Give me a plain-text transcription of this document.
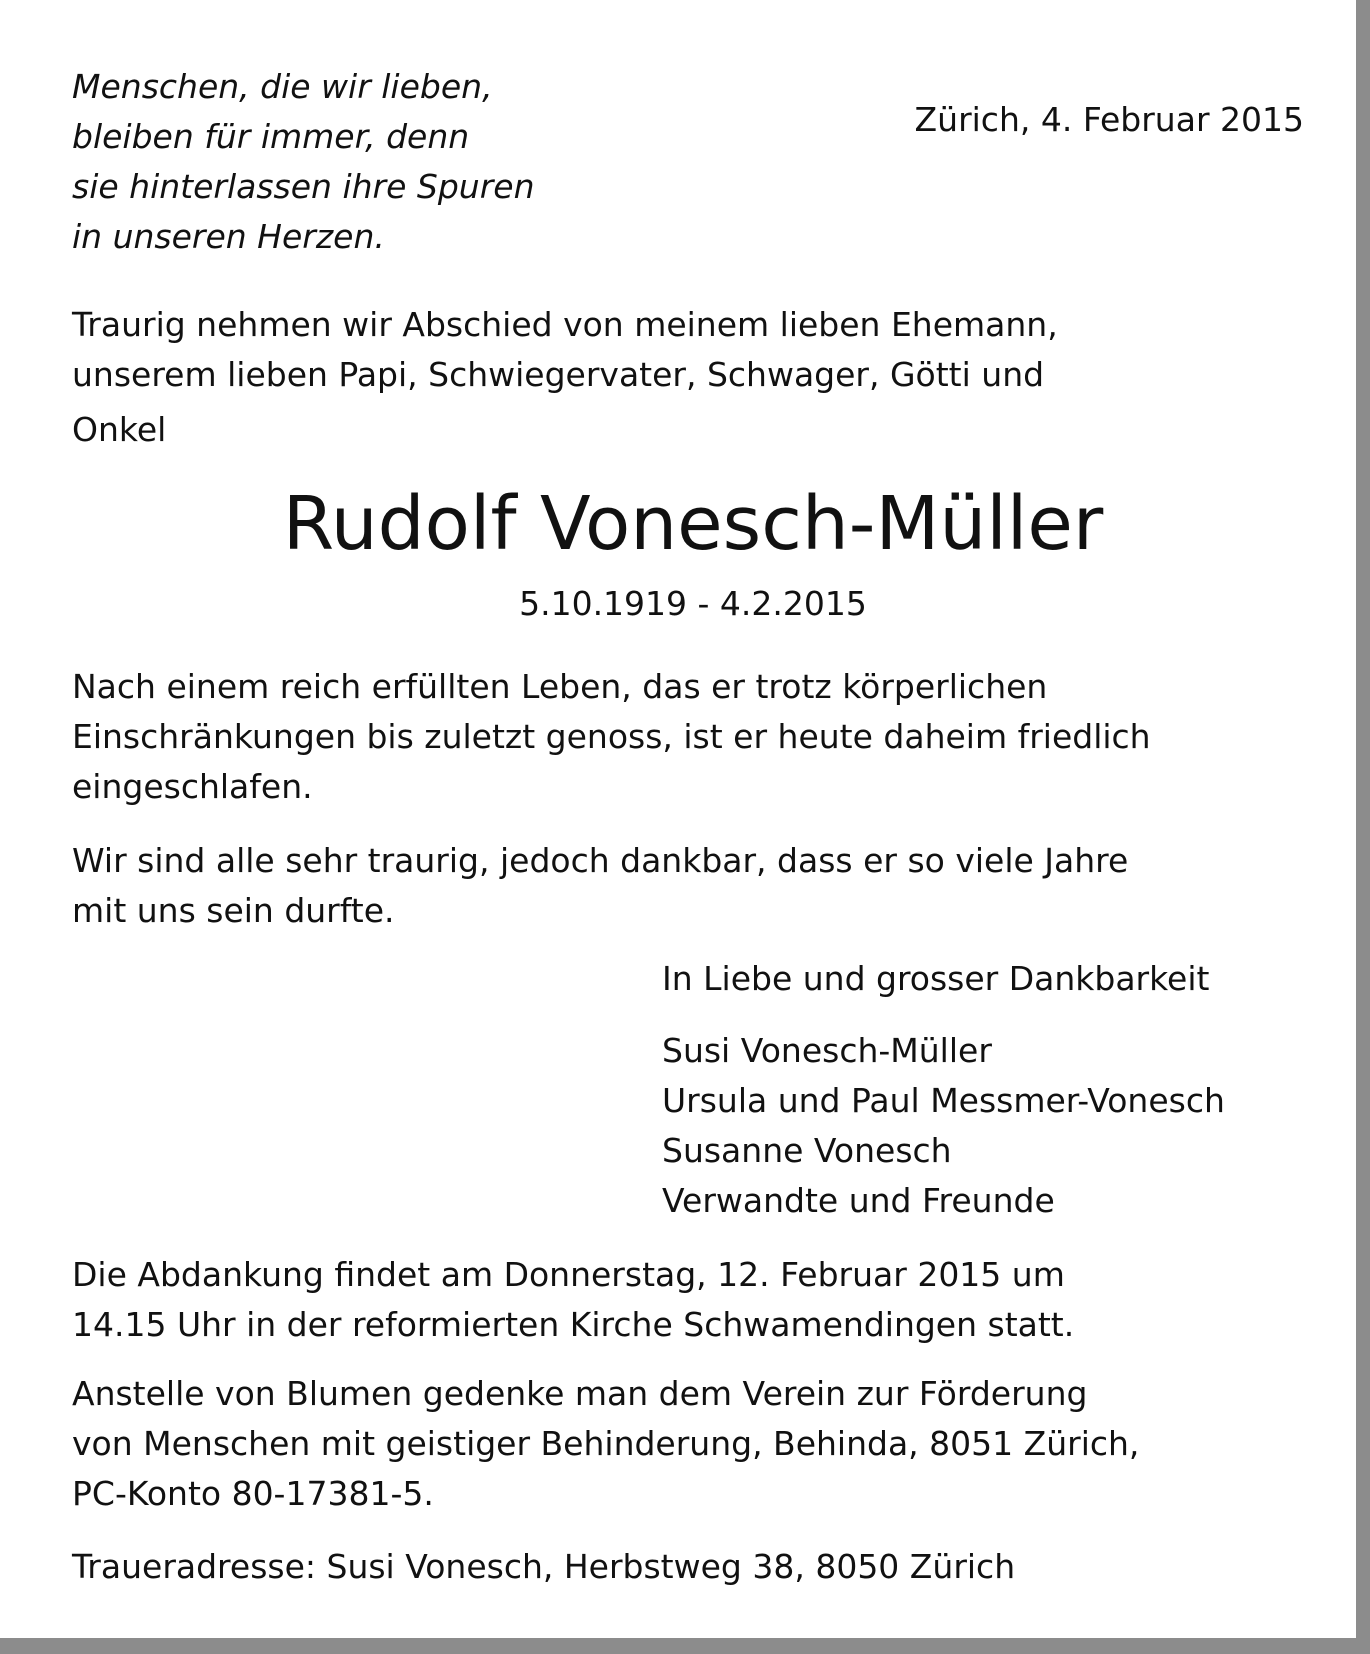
Menschen, die wir lieben,

bleiben für immer, denn

sie hinterlassen ihre Spuren

in unseren Herzen.

Zürich, 4. Februar 2015

Traurig nehmen wir Abschied von meinem lieben Ehemann,

unserem lieben Papi, Schwiegervater, Schwager, Götti und

Onkel

Rudolf Vonesch-Müller

5.10.1919 - 4.2.2015

Nach einem reich erfüllten Leben, das er trotz körperlichen

Einschränkungen bis zuletzt genoss, ist er heute daheim friedlich

eingeschlafen.

Wir sind alle sehr traurig, jedoch dankbar, dass er so viele Jahre

mit uns sein durfte.

In Liebe und grosser Dankbarkeit

Susi Vonesch-Müller

Ursula und Paul Messmer-Vonesch

Susanne Vonesch

Verwandte und Freunde

Die Abdankung findet am Donnerstag, 12. Februar 2015 um

14.15 Uhr in der reformierten Kirche Schwamendingen statt.

Anstelle von Blumen gedenke man dem Verein zur Förderung

von Menschen mit geistiger Behinderung, Behinda, 8051 Zürich,

PC-Konto 80-17381-5.

Traueradresse: Susi Vonesch, Herbstweg 38, 8050 Zürich
